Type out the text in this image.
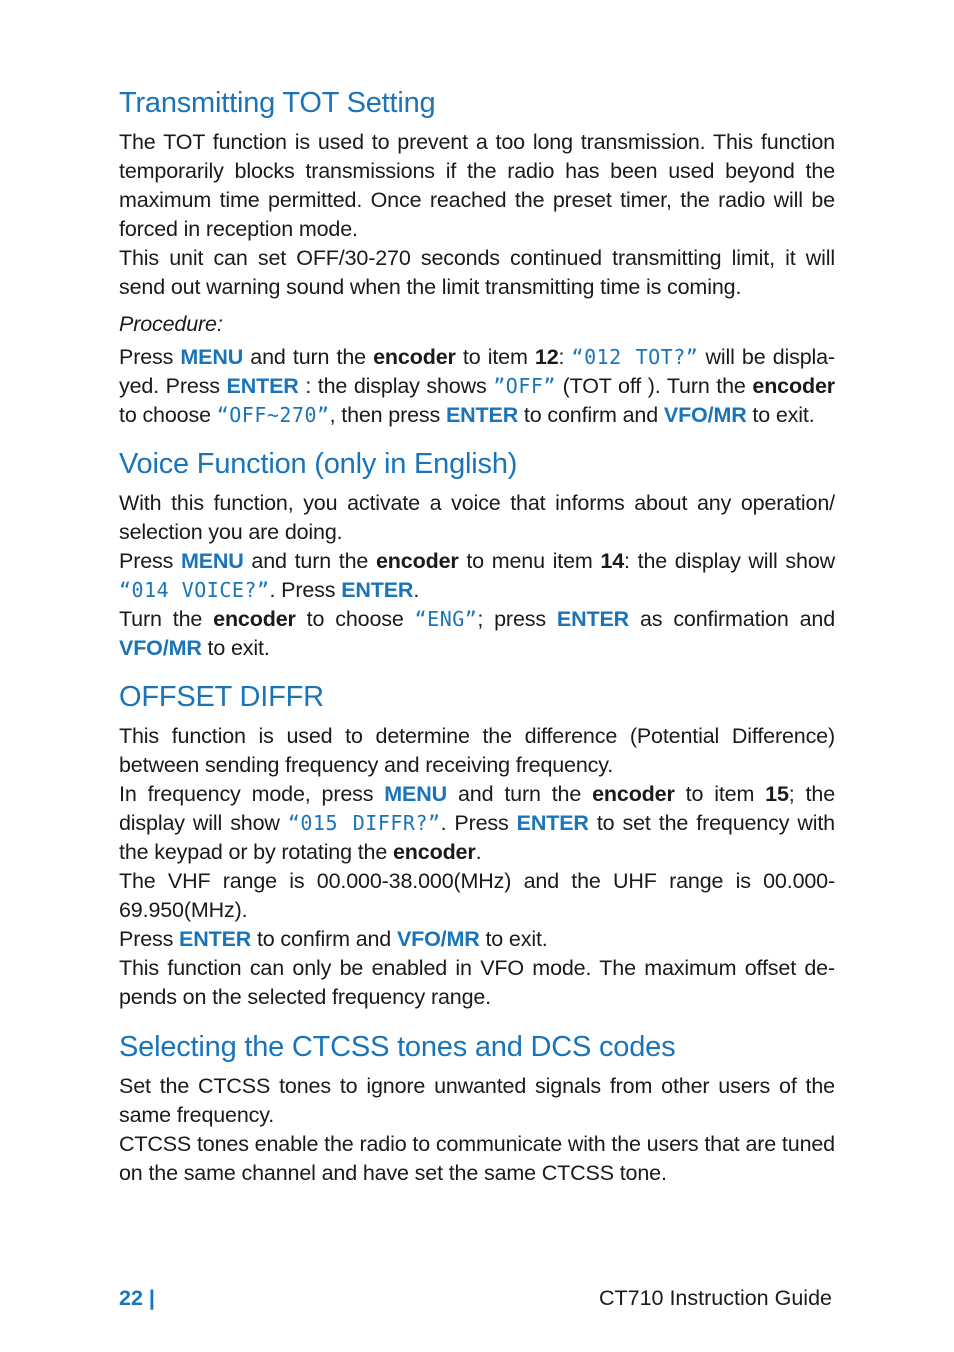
Transmitting TOT Setting

The TOT function is used to prevent a too long transmission. This function temporarily blocks transmissions if the radio has been used beyond the maximum time permitted. Once reached the preset timer, the radio will be forced in reception mode.

This unit can set OFF/30-270 seconds continued transmitting limit, it will send out warning sound when the limit transmitting time is coming.

Procedure:

Press MENU and turn the encoder to item 12: “012 TOT?” will be displa-yed. Press ENTER : the display shows ”OFF” (TOT off ). Turn the encoder to choose “OFF~270”, then press ENTER to confirm and VFO/MR to exit.

Voice Function (only in English)

With this function, you activate a voice that informs about any operation/ selection you are doing.

Press MENU and turn the encoder to menu item 14: the display will show “014 VOICE?”. Press ENTER.

Turn the encoder to choose “ENG”; press ENTER as confirmation and VFO/MR to exit.

OFFSET DIFFR

This function is used to determine the difference (Potential Difference) between sending frequency and receiving frequency.

In frequency mode, press MENU and turn the encoder to item 15; the display will show “015 DIFFR?”. Press ENTER to set the frequency with the keypad or by rotating the encoder.

The VHF range is 00.000-38.000(MHz) and the UHF range is 00.000-69.950(MHz).

Press ENTER to confirm and VFO/MR to exit.

This function can only be enabled in VFO mode. The maximum offset de-pends on the selected frequency range.

Selecting the CTCSS tones and DCS codes

Set the CTCSS tones to ignore unwanted signals from other users of the same frequency.

CTCSS tones enable the radio to communicate with the users that are tuned on the same channel and have set the same CTCSS tone.

22 |	CT710 Instruction Guide
